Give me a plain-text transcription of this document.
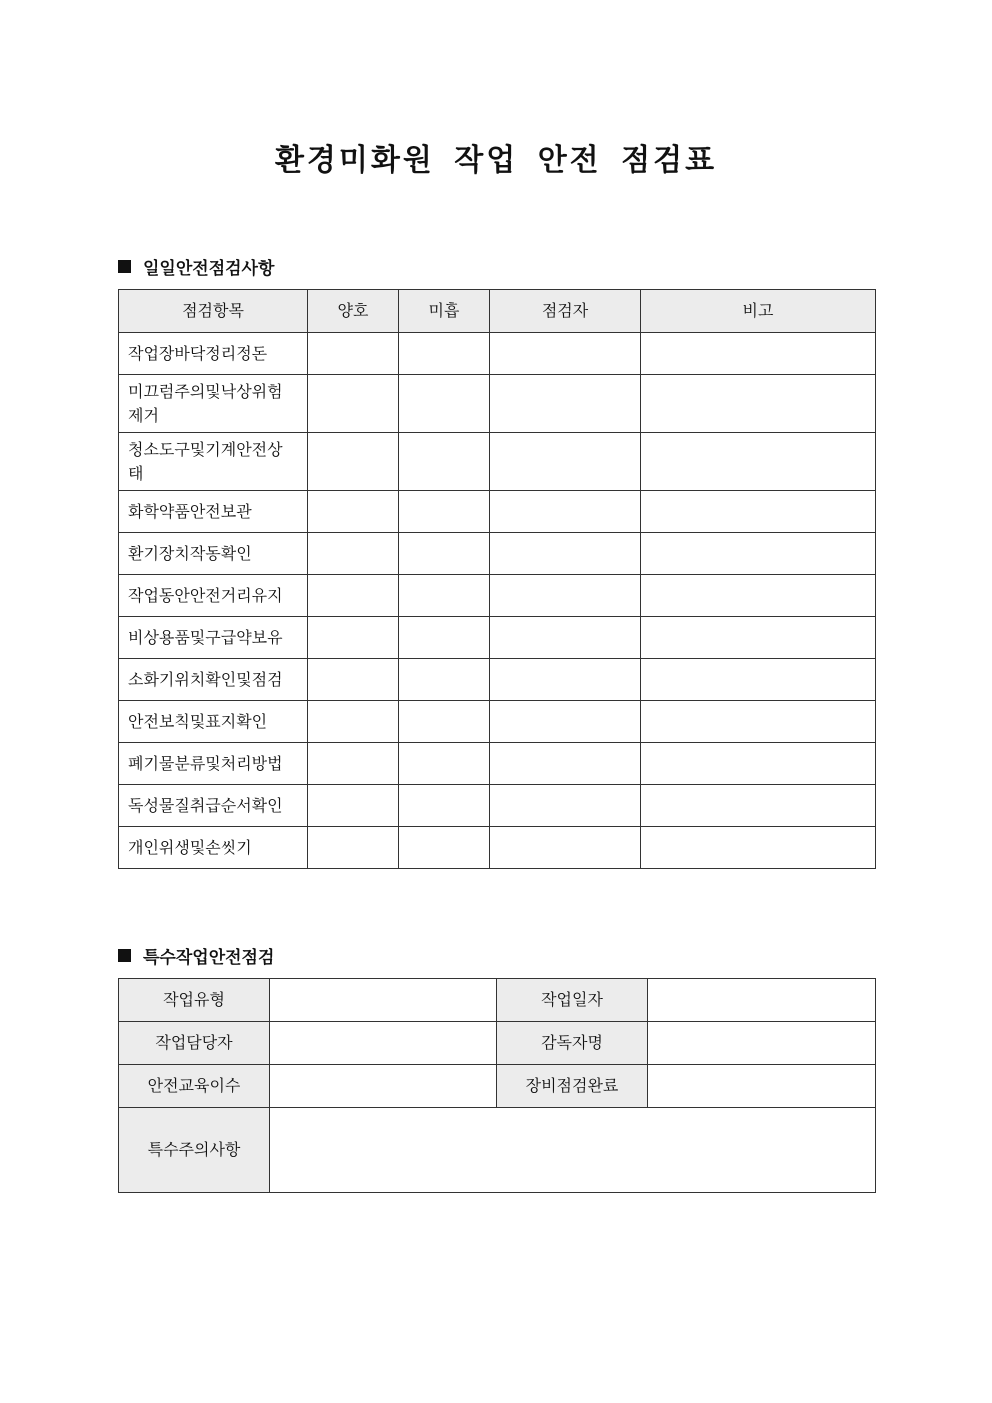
환경미화원 작업 안전 점검표
일일안전점검사항
점검항목	양호	미흡	점검자	비고
작업장바닥정리정돈				
미끄럼주의및낙상위험제거				
청소도구및기계안전상태				
화학약품안전보관				
환기장치작동확인				
작업동안안전거리유지				
비상용품및구급약보유				
소화기위치확인및점검				
안전보칙및표지확인				
폐기물분류및처리방법				
독성물질취급순서확인				
개인위생및손씻기				
특수작업안전점검
작업유형		작업일자	
작업담당자		감독자명	
안전교육이수		장비점검완료	
특수주의사항			
